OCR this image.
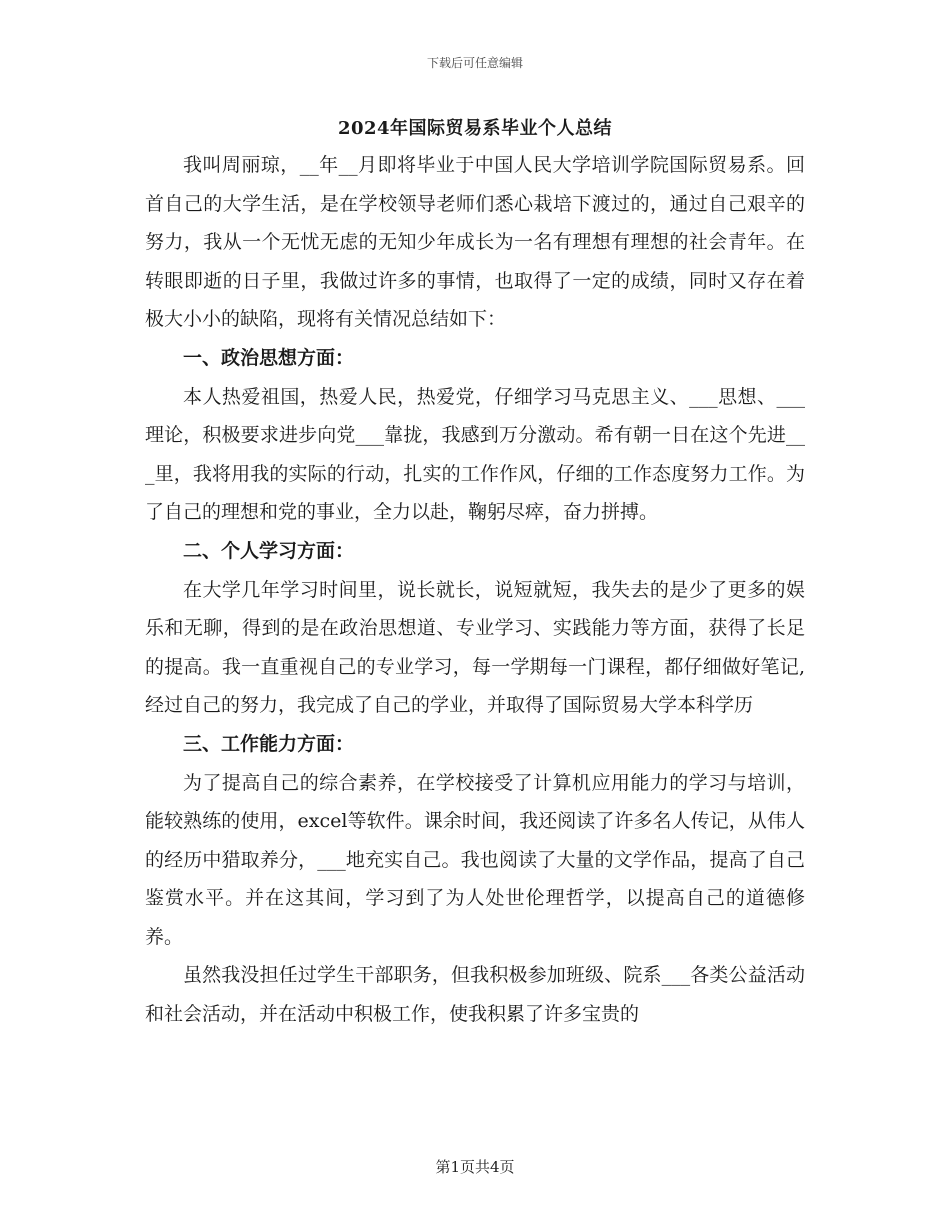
下载后可任意编辑
2024年国际贸易系毕业个人总结

我叫周丽琼，__年__月即将毕业于中国人民大学培训学院国际贸易系。回首自己的大学生活，是在学校领导老师们悉心栽培下渡过的，通过自己艰辛的努力，我从一个无忧无虑的无知少年成长为一名有理想有理想的社会青年。在转眼即逝的日子里，我做过许多的事情，也取得了一定的成绩，同时又存在着极大小小的缺陷，现将有关情况总结如下：

一、政治思想方面：

本人热爱祖国，热爱人民，热爱党，仔细学习马克思主义、___思想、___理论，积极要求进步向党___靠拢，我感到万分激动。希有朝一日在这个先进___里，我将用我的实际的行动，扎实的工作作风，仔细的工作态度努力工作。为了自己的理想和党的事业，全力以赴，鞠躬尽瘁，奋力拼搏。

二、个人学习方面：

在大学几年学习时间里，说长就长，说短就短，我失去的是少了更多的娱乐和无聊，得到的是在政治思想道、专业学习、实践能力等方面，获得了长足的提高。我一直重视自己的专业学习，每一学期每一门课程，都仔细做好笔记,经过自己的努力，我完成了自己的学业，并取得了国际贸易大学本科学历

三、工作能力方面：

为了提高自己的综合素养，在学校接受了计算机应用能力的学习与培训，能较熟练的使用，excel等软件。课余时间，我还阅读了许多名人传记，从伟人的经历中猎取养分，___地充实自己。我也阅读了大量的文学作品，提高了自己鉴赏水平。并在这其间，学习到了为人处世伦理哲学，以提高自己的道德修养。

虽然我没担任过学生干部职务，但我积极参加班级、院系___各类公益活动和社会活动，并在活动中积极工作，使我积累了许多宝贵的

第1页共4页
